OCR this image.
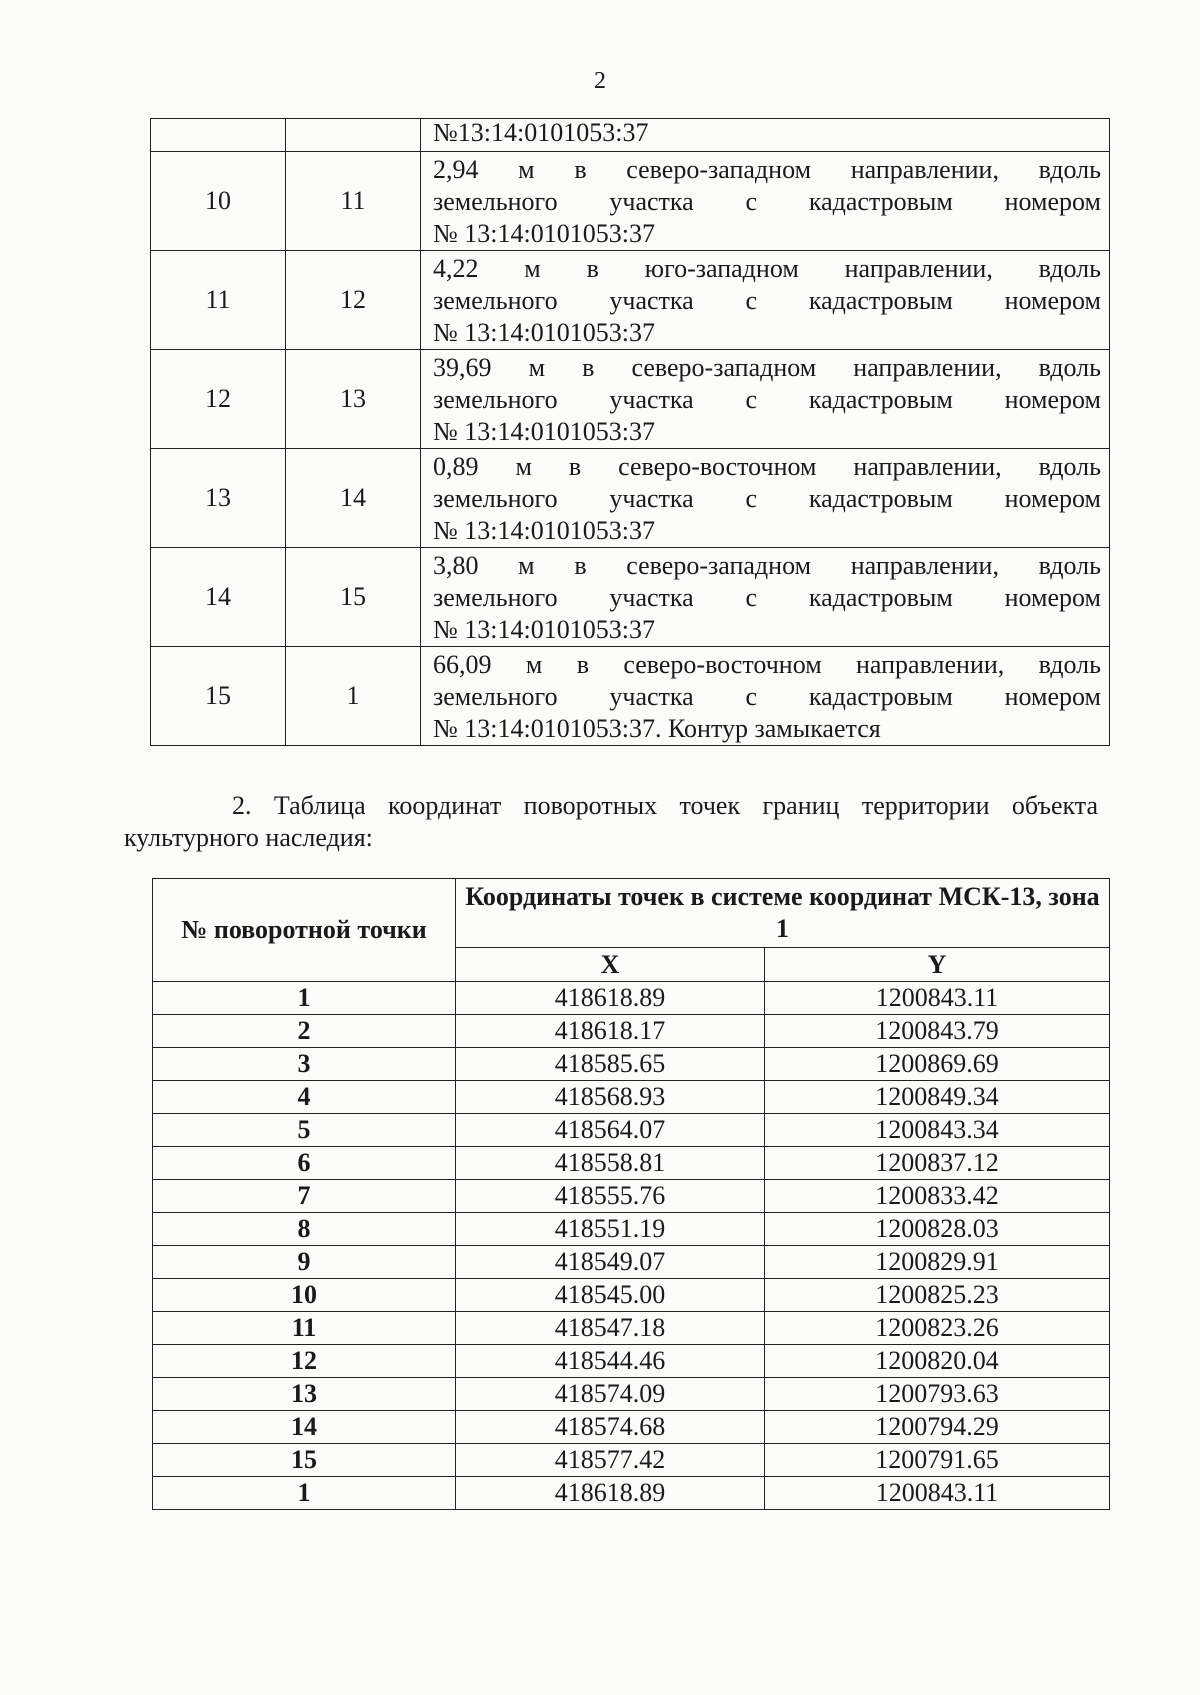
2
		№13:14:0101053:37
10	11	2,94 м в северо-западном направлении, вдоль
земельного участка с кадастровым номером
№ 13:14:0101053:37

11	12	4,22 м в юго-западном направлении, вдоль
земельного участка с кадастровым номером
№ 13:14:0101053:37

12	13	39,69 м в северо-западном направлении, вдоль
земельного участка с кадастровым номером
№ 13:14:0101053:37

13	14	0,89 м в северо-восточном направлении, вдоль
земельного участка с кадастровым номером
№ 13:14:0101053:37

14	15	3,80 м в северо-западном направлении, вдоль
земельного участка с кадастровым номером
№ 13:14:0101053:37

15	1	66,09 м в северо-восточном направлении, вдоль
земельного участка с кадастровым номером
№ 13:14:0101053:37. Контур замыкается
2. Таблица координат поворотных точек границ территории объекта
культурного наследия:
№ поворотной точки	Координаты точек в системе координат МСК-13, зона 1	
	X	Y
1	418618.89	1200843.11
2	418618.17	1200843.79
3	418585.65	1200869.69
4	418568.93	1200849.34
5	418564.07	1200843.34
6	418558.81	1200837.12
7	418555.76	1200833.42
8	418551.19	1200828.03
9	418549.07	1200829.91
10	418545.00	1200825.23
11	418547.18	1200823.26
12	418544.46	1200820.04
13	418574.09	1200793.63
14	418574.68	1200794.29
15	418577.42	1200791.65
1	418618.89	1200843.11
